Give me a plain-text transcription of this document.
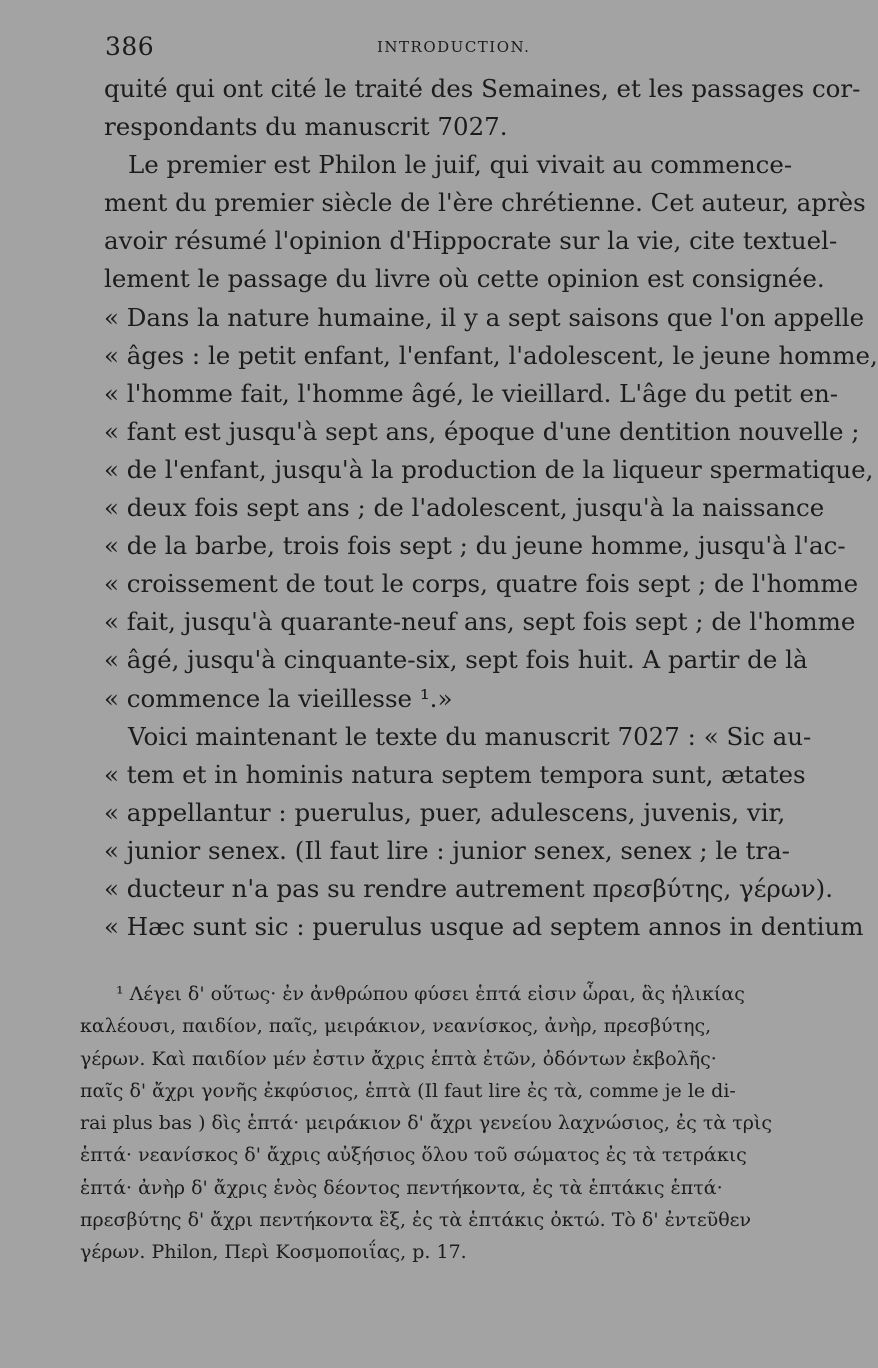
386	INTRODUCTION.
quité qui ont cité le traité des Semaines, et les passages cor-
respondants du manuscrit 7027.
Le premier est Philon le juif, qui vivait au commence-
ment du premier siècle de l'ère chrétienne. Cet auteur, après
avoir résumé l'opinion d'Hippocrate sur la vie, cite textuel-
lement le passage du livre où cette opinion est consignée.
« Dans la nature humaine, il y a sept saisons que l'on appelle
« âges : le petit enfant, l'enfant, l'adolescent, le jeune homme,
« l'homme fait, l'homme âgé, le vieillard. L'âge du petit en-
« fant est jusqu'à sept ans, époque d'une dentition nouvelle ;
« de l'enfant, jusqu'à la production de la liqueur spermatique,
« deux fois sept ans ; de l'adolescent, jusqu'à la naissance
« de la barbe, trois fois sept ; du jeune homme, jusqu'à l'ac-
« croissement de tout le corps, quatre fois sept ; de l'homme
« fait, jusqu'à quarante-neuf ans, sept fois sept ; de l'homme
« âgé, jusqu'à cinquante-six, sept fois huit. A partir de là
« commence la vieillesse ¹.»
Voici maintenant le texte du manuscrit 7027 : « Sic au-
« tem et in hominis natura septem tempora sunt, ætates
« appellantur : puerulus, puer, adulescens, juvenis, vir,
« junior senex. (Il faut lire : junior senex, senex ; le tra-
« ducteur n'a pas su rendre autrement πρεσβύτης, γέρων).
« Hæc sunt sic : puerulus usque ad septem annos in dentium
¹ Λέγει δ' οὕτως· ἐν ἀνθρώπου φύσει ἑπτά εἰσιν ὧραι, ἃς ἡλικίας
καλέουσι, παιδίον, παῖς, μειράκιον, νεανίσκος, ἀνὴρ, πρεσβύτης,
γέρων. Καὶ παιδίον μέν ἐστιν ἄχρις ἑπτὰ ἐτῶν, ὀδόντων ἐκβολῆς·
παῖς δ' ἄχρι γονῆς ἐκφύσιος, ἑπτὰ (Il faut lire ἐς τὰ, comme je le di-
rai plus bas ) δὶς ἑπτά· μειράκιον δ' ἄχρι γενείου λαχνώσιος, ἐς τὰ τρὶς
ἑπτά· νεανίσκος δ' ἄχρις αὐξήσιος ὅλου τοῦ σώματος ἐς τὰ τετράκις
ἑπτά· ἀνὴρ δ' ἄχρις ἑνὸς δέοντος πεντήκοντα, ἐς τὰ ἑπτάκις ἑπτά·
πρεσβύτης δ' ἄχρι πεντήκοντα ἓξ, ἐς τὰ ἑπτάκις ὀκτώ. Τὸ δ' ἐντεῦθεν
γέρων. Philon, Περὶ Κοσμοποιΐας, p. 17.
